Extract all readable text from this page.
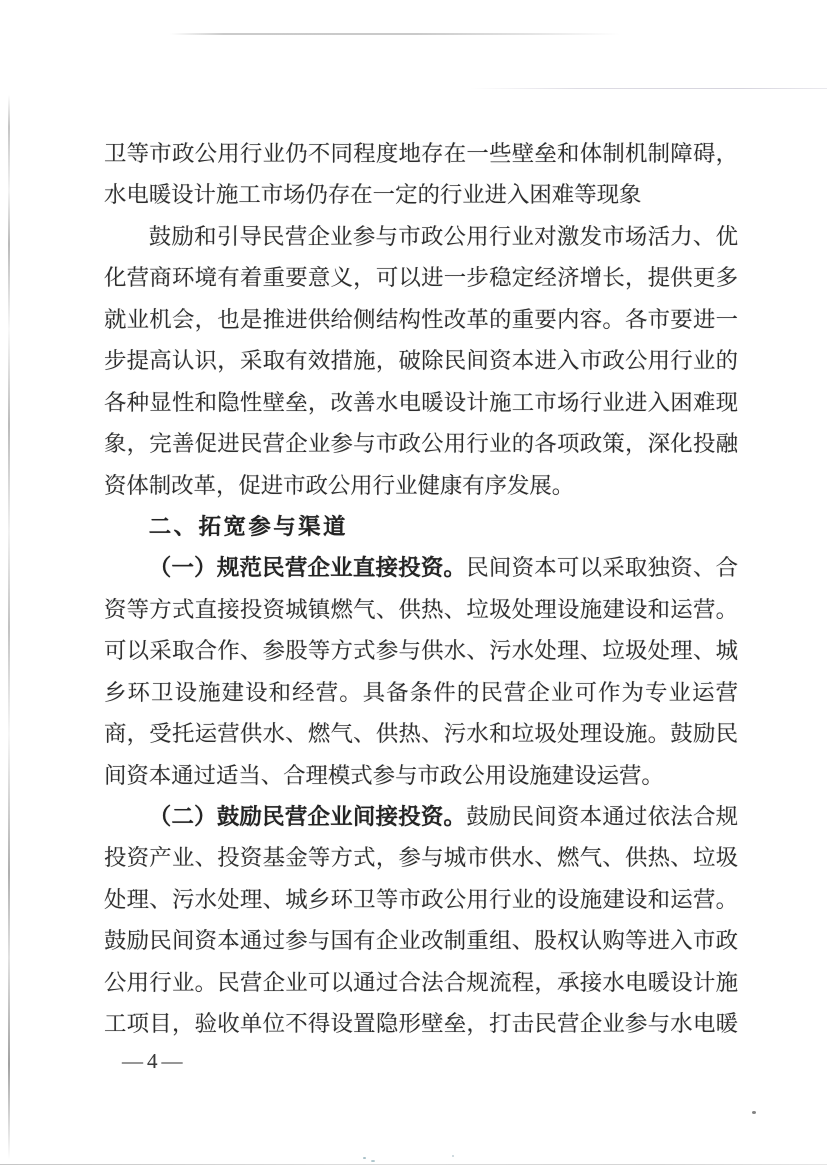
卫等市政公用行业仍不同程度地存在一些壁垒和体制机制障碍，
水电暖设计施工市场仍存在一定的行业进入困难等现象
鼓励和引导民营企业参与市政公用行业对激发市场活力、优
化营商环境有着重要意义，可以进一步稳定经济增长，提供更多
就业机会，也是推进供给侧结构性改革的重要内容。各市要进一
步提高认识，采取有效措施，破除民间资本进入市政公用行业的
各种显性和隐性壁垒，改善水电暖设计施工市场行业进入困难现
象，完善促进民营企业参与市政公用行业的各项政策，深化投融
资体制改革，促进市政公用行业健康有序发展。
二、拓宽参与渠道
（一）规范民营企业直接投资。民间资本可以采取独资、合
资等方式直接投资城镇燃气、供热、垃圾处理设施建设和运营。
可以采取合作、参股等方式参与供水、污水处理、垃圾处理、城
乡环卫设施建设和经营。具备条件的民营企业可作为专业运营
商，受托运营供水、燃气、供热、污水和垃圾处理设施。鼓励民
间资本通过适当、合理模式参与市政公用设施建设运营。
（二）鼓励民营企业间接投资。鼓励民间资本通过依法合规
投资产业、投资基金等方式，参与城市供水、燃气、供热、垃圾
处理、污水处理、城乡环卫等市政公用行业的设施建设和运营。
鼓励民间资本通过参与国有企业改制重组、股权认购等进入市政
公用行业。民营企业可以通过合法合规流程，承接水电暖设计施
工项目，验收单位不得设置隐形壁垒，打击民营企业参与水电暖
—4—
